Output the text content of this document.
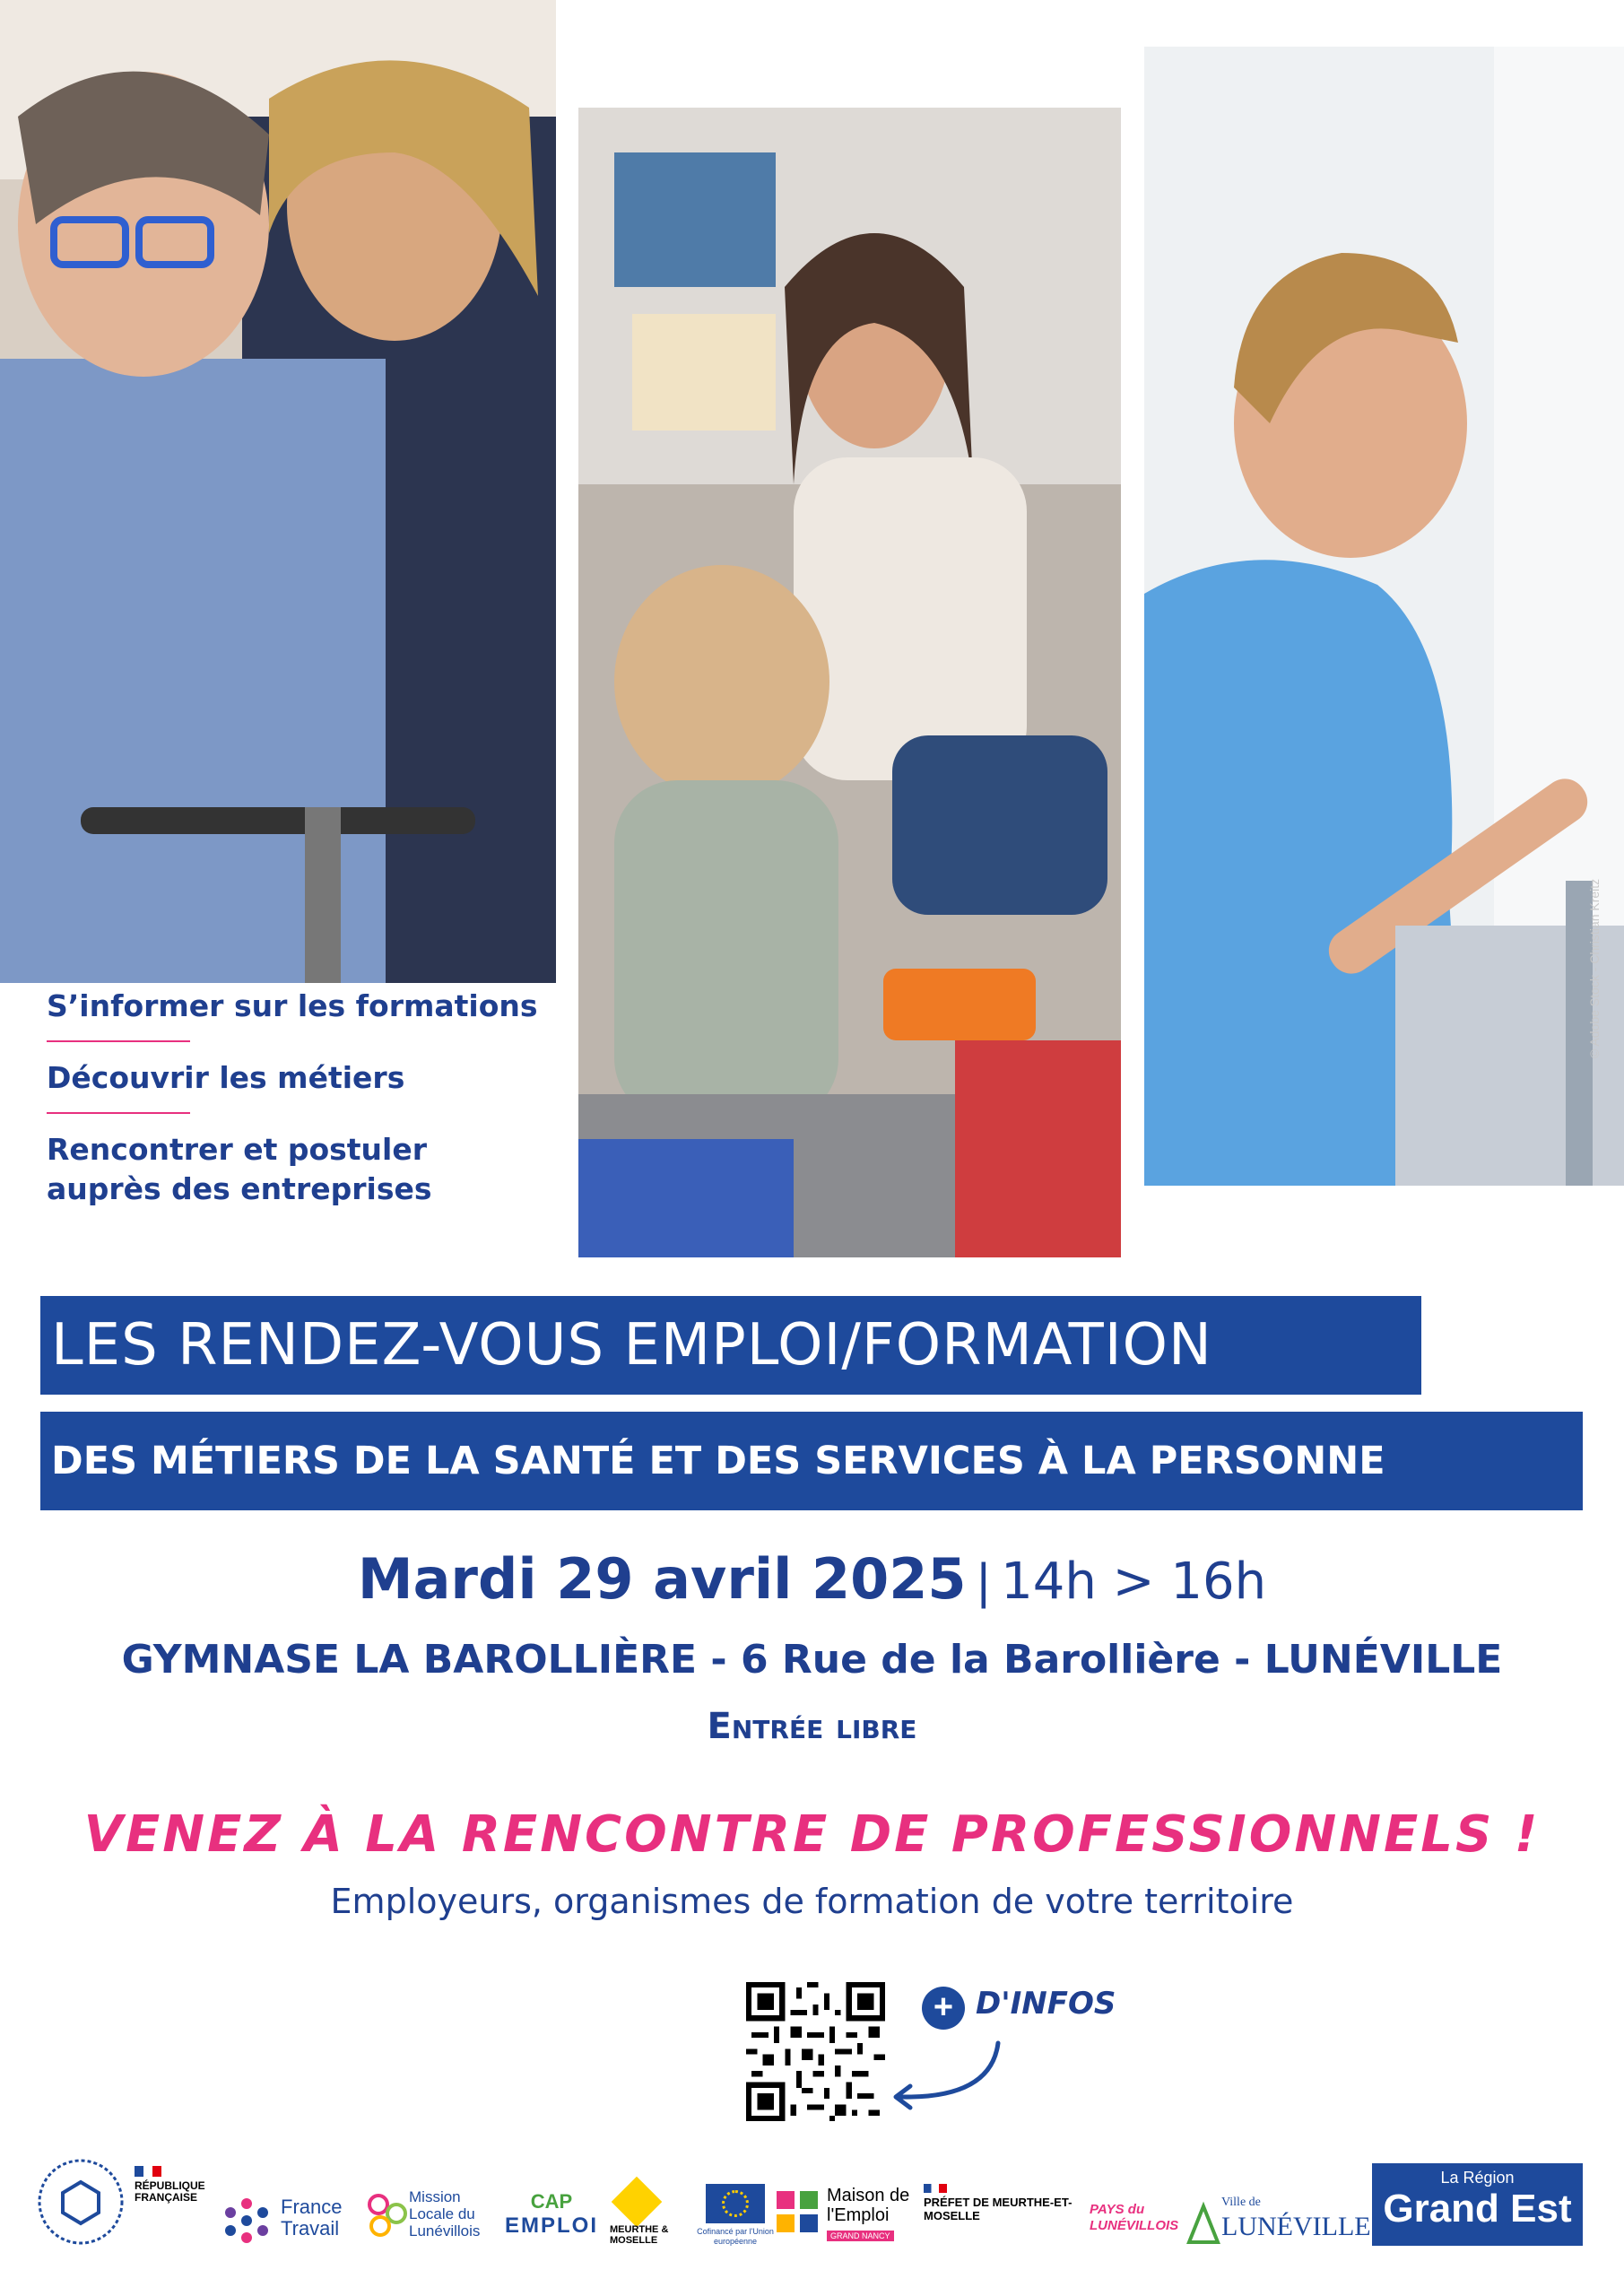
© Adobe Stock - Christian Kreitz
S’informer sur les formations
Découvrir les métiers
Rencontrer et postuler auprès des entreprises
LES RENDEZ-VOUS EMPLOI/FORMATION
DES MÉTIERS DE LA SANTÉ ET DES SERVICES À LA PERSONNE
Mardi 29 avril 2025 | 14h > 16h
GYMNASE LA BAROLLIÈRE - 6 Rue de la Barollière - LUNÉVILLE
Entrée libre
VENEZ À LA RENCONTRE DE PROFESSIONNELS !
Employeurs, organismes de formation de votre territoire
+ D'INFOS
RÉPUBLIQUE FRANÇAISE	France Travail
Mission Locale du Lunévillois
CAP
EMPLOI MEURTHE & MOSELLE
Cofinancé par l'Union européenne
Maison de l'Emploi
GRAND NANCY
PRÉFET DE MEURTHE-ET-MOSELLE	PAYS du LUNÉVILLOIS
Ville de
LUNÉVILLE
La Région
Grand Est
